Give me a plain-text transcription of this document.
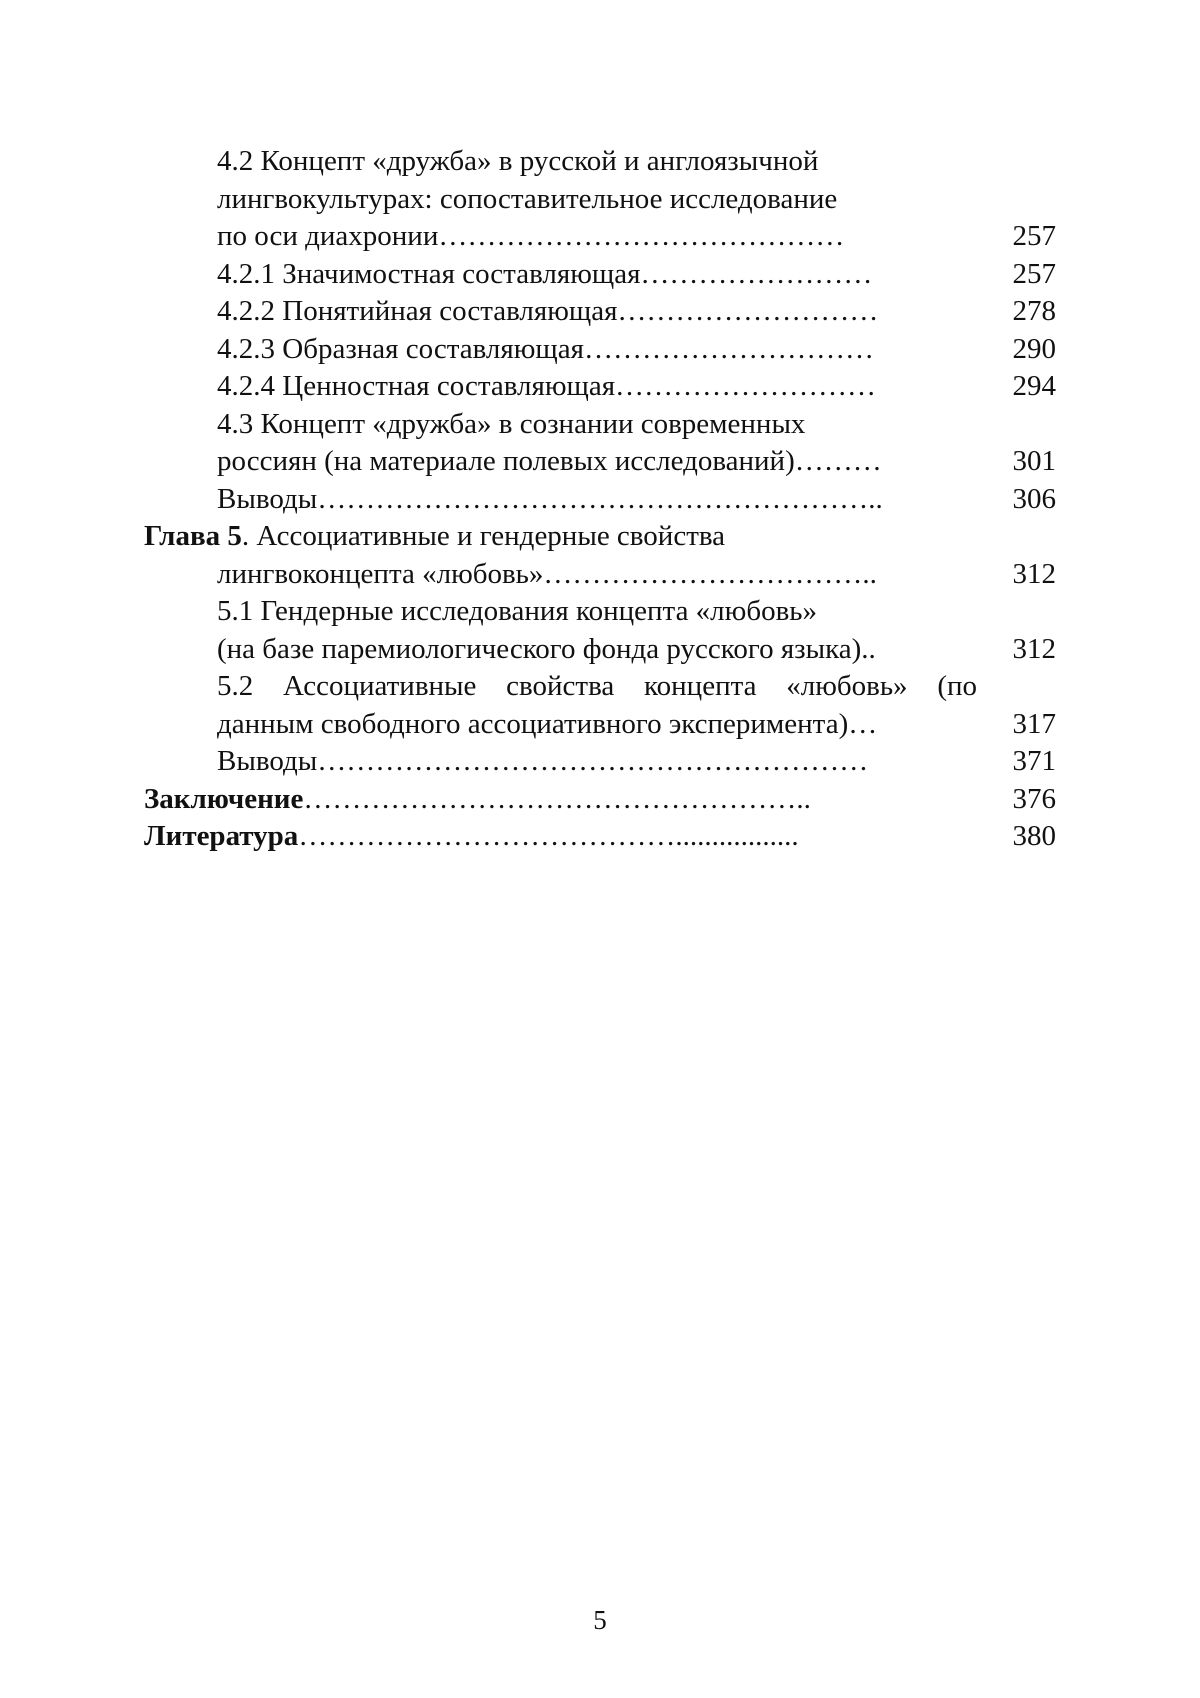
4.2 Концепт «дружба» в русской и англоязычной
лингвокультурах: сопоставительное исследование
по оси диахронии……………………………………	257
4.2.1 Значимостная составляющая……………………	257
4.2.2 Понятийная составляющая………………………	278
4.2.3 Образная составляющая…………………………	290
4.2.4 Ценностная составляющая………………………	294
4.3 Концепт «дружба» в сознании современных
россиян (на материале полевых исследований)………	301
Выводы…………………………………………………..	306
Глава 5. Ассоциативные и гендерные свойства
лингвоконцепта «любовь»……………………………..	312
5.1 Гендерные исследования концепта «любовь»
(на базе паремиологического фонда русского языка)..	312
5.2 Ассоциативные свойства концепта «любовь» (по
данным свободного ассоциативного эксперимента)…	317
Выводы…………………………………………………	371
Заключение……………………………………………..	376
Литература………………………………….................	380
5
